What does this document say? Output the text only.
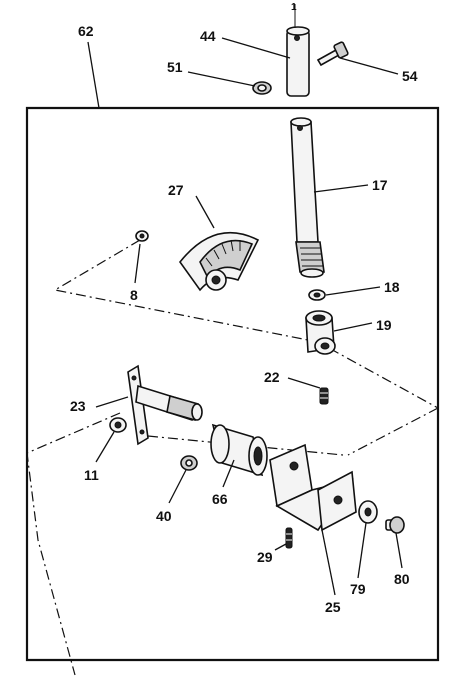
1
62	44
51
54
17
27
8	18
19
22
23
11
40
66
29
25
79
80
